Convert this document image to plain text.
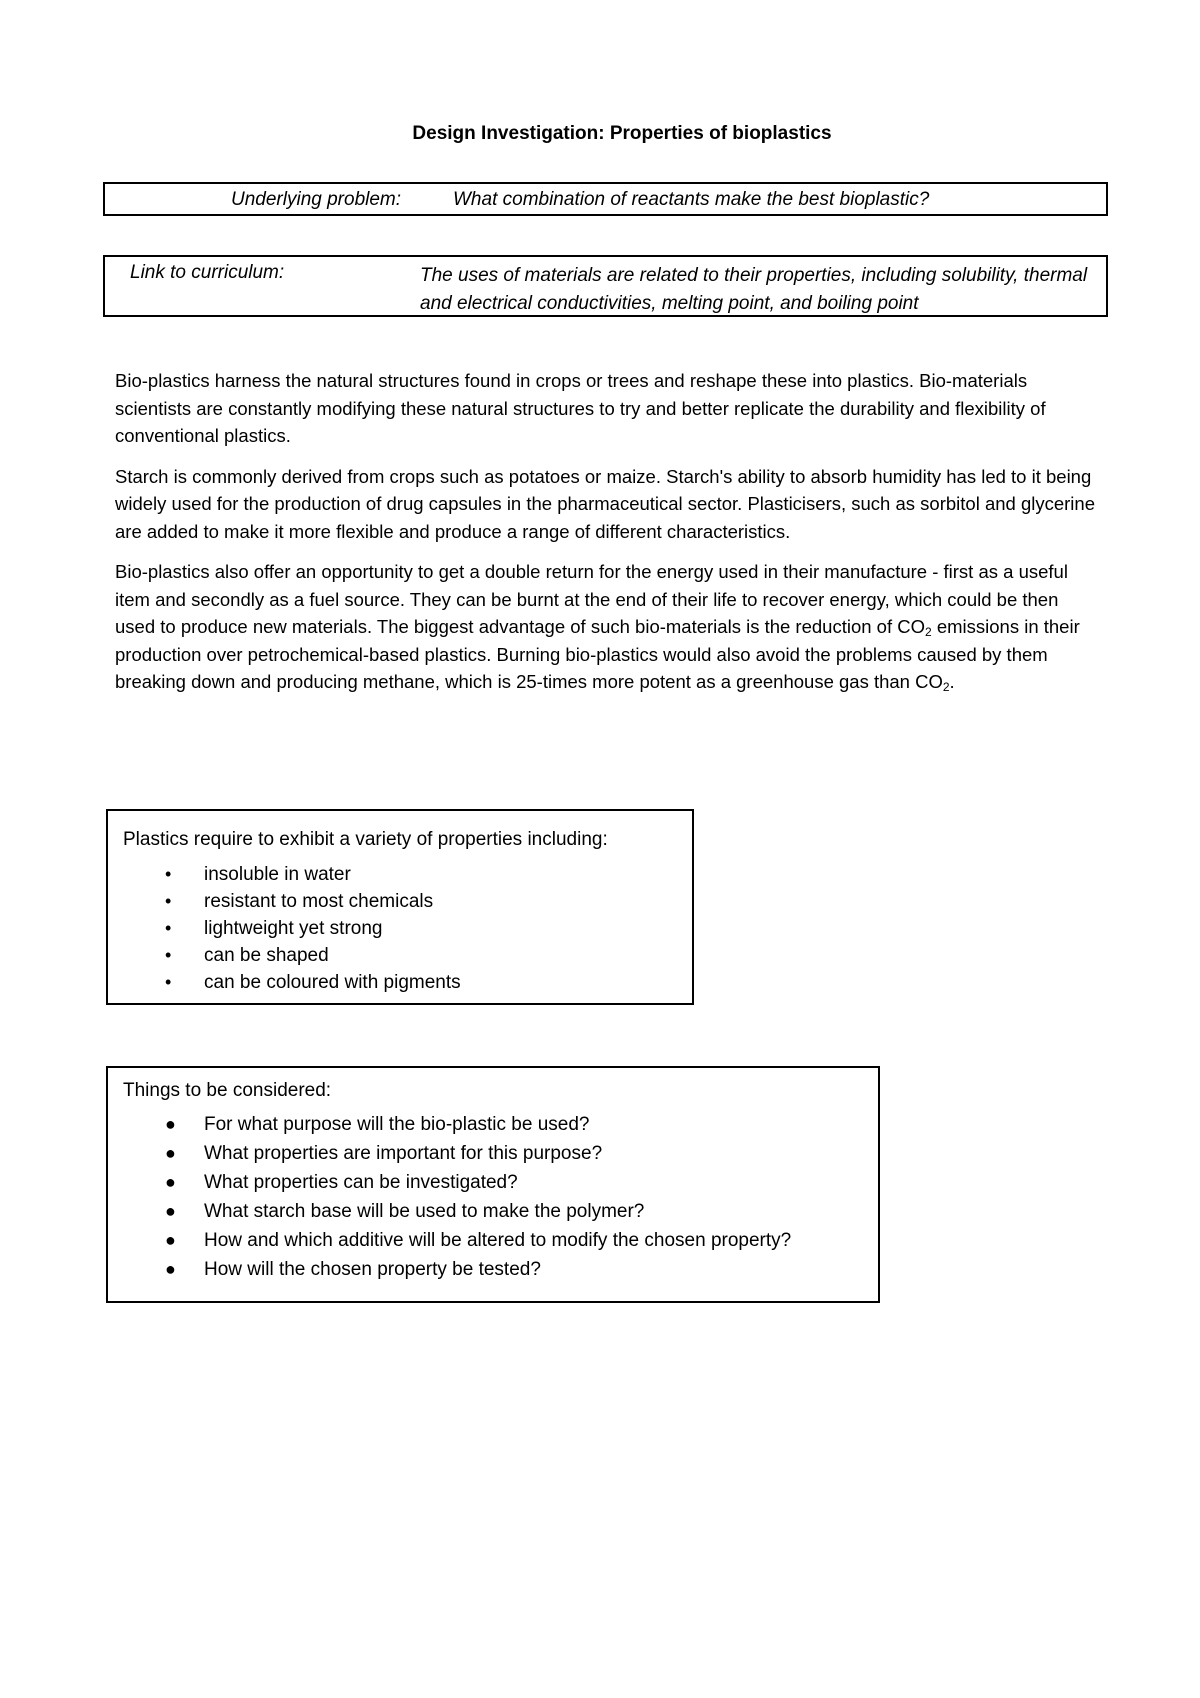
Design Investigation: Properties of bioplastics
Underlying problem:	What combination of reactants make the best bioplastic?
Link to curriculum:	The uses of materials are related to their properties, including solubility, thermal and electrical conductivities, melting point, and boiling point

Bio-plastics harness the natural structures found in crops or trees and reshape these into plastics. Bio-materials scientists are constantly modifying these natural structures to try and better replicate the durability and flexibility of conventional plastics.

Starch is commonly derived from crops such as potatoes or maize. Starch's ability to absorb humidity has led to it being widely used for the production of drug capsules in the pharmaceutical sector. Plasticisers, such as sorbitol and glycerine are added to make it more flexible and produce a range of different characteristics.

Bio-plastics also offer an opportunity to get a double return for the energy used in their manufacture - first as a useful item and secondly as a fuel source. They can be burnt at the end of their life to recover energy, which could be then used to produce new materials. The biggest advantage of such bio-materials is the reduction of $CO_2$ emissions in their production over petrochemical-based plastics. Burning bio-plastics would also avoid the problems caused by them breaking down and producing methane, which is 25-times more potent as a greenhouse gas than $CO_2$.

Plastics require to exhibit a variety of properties including:
• insoluble in water
• resistant to most chemicals
• lightweight yet strong
• can be shaped
• can be coloured with pigments
Things to be considered:
● For what purpose will the bio-plastic be used?
● What properties are important for this purpose?
● What properties can be investigated?
● What starch base will be used to make the polymer?
● How and which additive will be altered to modify the chosen property?
● How will the chosen property be tested?
